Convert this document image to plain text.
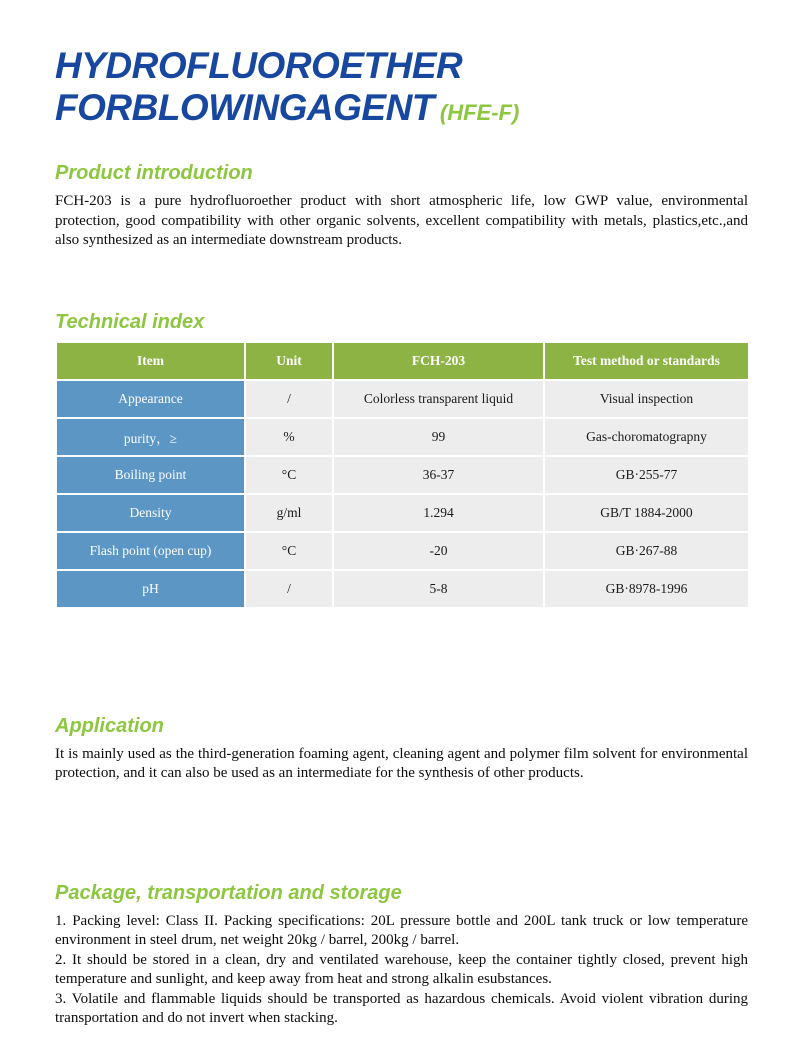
HYDROFLUOROETHER
FORBLOWINGAGENT (HFE-F)
Product introduction

FCH-203 is a pure hydrofluoroether product with short atmospheric life, low GWP value, environmental protection, good compatibility with other organic solvents, excellent compatibility with metals, plastics,etc.,and also synthesized as an intermediate downstream products.

Technical index
Item	Unit	FCH-203	Test method or standards
Appearance	/	Colorless transparent liquid	Visual inspection
purity，≥	%	99	Gas-choromatograpny
Boiling point	°C	36-37	GB·255-77
Density	g/ml	1.294	GB/T 1884-2000
Flash point (open cup)	°C	-20	GB·267-88
pH	/	5-8	GB·8978-1996
Application

It is mainly used as the third-generation foaming agent, cleaning agent and polymer film solvent for environmental protection, and it can also be used as an intermediate for the synthesis of other products.

Package, transportation and storage

1. Packing level: Class II. Packing specifications: 20L pressure bottle and 200L tank truck or low temperature environment in steel drum, net weight 20kg / barrel, 200kg / barrel.

2. It should be stored in a clean, dry and ventilated warehouse, keep the container tightly closed, prevent high temperature and sunlight, and keep away from heat and strong alkalin esubstances.

3. Volatile and flammable liquids should be transported as hazardous chemicals. Avoid violent vibration during transportation and do not invert when stacking.
